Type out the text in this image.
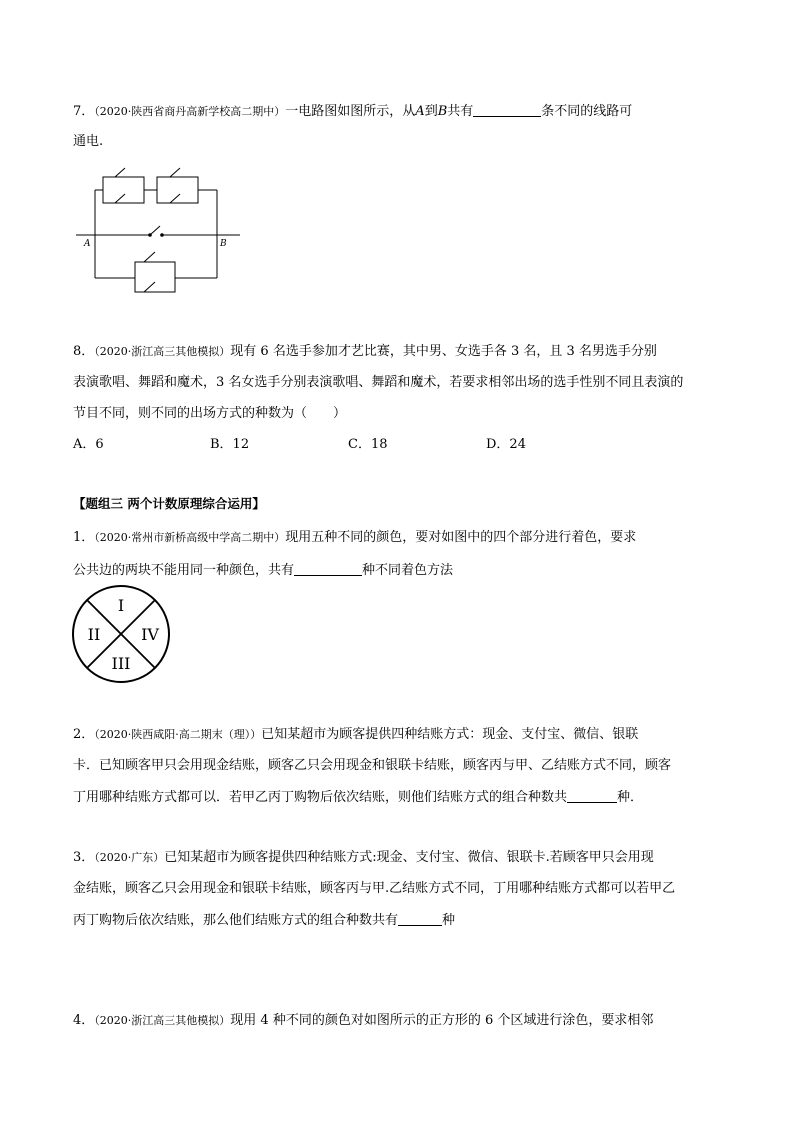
7．（2020·陕西省商丹高新学校高二期中）一电路图如图所示，从A到B共有	条不同的线路可
通电.
A	B
8．（2020·浙江高三其他模拟）现有 6 名选手参加才艺比赛，其中男、女选手各 3 名，且 3 名男选手分别
表演歌唱、舞蹈和魔术，3 名女选手分别表演歌唱、舞蹈和魔术，若要求相邻出场的选手性别不同且表演的
节目不同，则不同的出场方式的种数为（　　）
A．6	B．12	C．18	D．24
【题组三 两个计数原理综合运用】
1．（2020·常州市新桥高级中学高二期中）现用五种不同的颜色，要对如图中的四个部分进行着色，要求
公共边的两块不能用同一种颜色，共有	种不同着色方法
I
II
III
IV
2．（2020·陕西咸阳·高二期末（理））已知某超市为顾客提供四种结账方式：现金、支付宝、微信、银联
卡．已知顾客甲只会用现金结账，顾客乙只会用现金和银联卡结账，顾客丙与甲、乙结账方式不同，顾客
丁用哪种结账方式都可以．若甲乙丙丁购物后依次结账，则他们结账方式的组合种数共	种．
3．（2020·广东）已知某超市为顾客提供四种结账方式:现金、支付宝、微信、银联卡.若顾客甲只会用现
金结账，顾客乙只会用现金和银联卡结账，顾客丙与甲.乙结账方式不同，丁用哪种结账方式都可以若甲乙
丙丁购物后依次结账，那么他们结账方式的组合种数共有	种
4．（2020·浙江高三其他模拟）现用 4 种不同的颜色对如图所示的正方形的 6 个区域进行涂色，要求相邻
